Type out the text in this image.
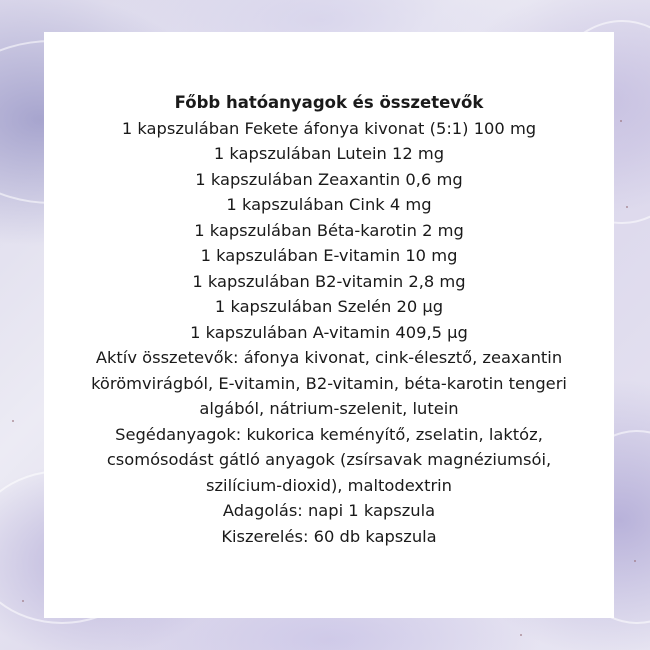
Főbb hatóanyagok és összetevők
1 kapszulában Fekete áfonya kivonat (5:1) 100 mg
1 kapszulában Lutein 12 mg
1 kapszulában Zeaxantin 0,6 mg
1 kapszulában Cink 4 mg
1 kapszulában Béta-karotin 2 mg
1 kapszulában E-vitamin 10 mg
1 kapszulában B2-vitamin 2,8 mg
1 kapszulában Szelén 20 µg
1 kapszulában A-vitamin 409,5 µg
Aktív összetevők: áfonya kivonat, cink-élesztő, zeaxantin
körömvirágból, E-vitamin, B2-vitamin, béta-karotin tengeri
algából, nátrium-szelenit, lutein
Segédanyagok: kukorica keményítő, zselatin, laktóz,
csomósodást gátló anyagok (zsírsavak magnéziumsói,
szilícium-dioxid), maltodextrin
Adagolás: napi 1 kapszula
Kiszerelés: 60 db kapszula
